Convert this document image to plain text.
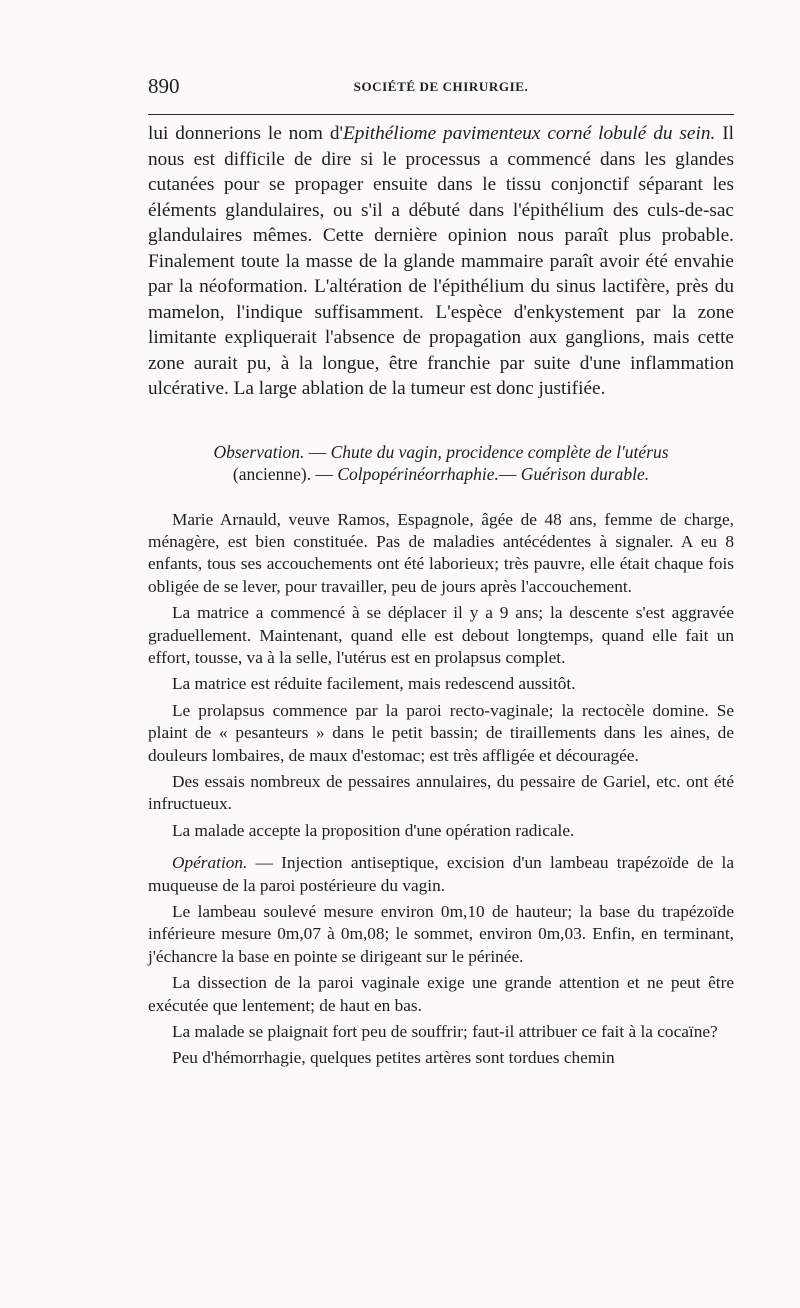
890	SOCIÉTÉ DE CHIRURGIE.

lui donnerions le nom d'Epithéliome pavimenteux corné lobulé du sein. Il nous est difficile de dire si le processus a commencé dans les glandes cutanées pour se propager ensuite dans le tissu conjonctif séparant les éléments glandulaires, ou s'il a débuté dans l'épithélium des culs-de-sac glandulaires mêmes. Cette dernière opinion nous paraît plus probable. Finalement toute la masse de la glande mammaire paraît avoir été envahie par la néoformation. L'altération de l'épithélium du sinus lactifère, près du mamelon, l'indique suffisamment. L'espèce d'enkystement par la zone limitante expliquerait l'absence de propagation aux ganglions, mais cette zone aurait pu, à la longue, être franchie par suite d'une inflammation ulcérative. La large ablation de la tumeur est donc justifiée.

Observation. — Chute du vagin, procidence complète de l'utérus
(ancienne). — Colpopérinéorrhaphie.— Guérison durable.

Marie Arnauld, veuve Ramos, Espagnole, âgée de 48 ans, femme de charge, ménagère, est bien constituée. Pas de maladies antécédentes à signaler. A eu 8 enfants, tous ses accouchements ont été laborieux; très pauvre, elle était chaque fois obligée de se lever, pour travailler, peu de jours après l'accouchement.

La matrice a commencé à se déplacer il y a 9 ans; la descente s'est aggravée graduellement. Maintenant, quand elle est debout longtemps, quand elle fait un effort, tousse, va à la selle, l'utérus est en prolapsus complet.

La matrice est réduite facilement, mais redescend aussitôt.

Le prolapsus commence par la paroi recto-vaginale; la rectocèle domine. Se plaint de « pesanteurs » dans le petit bassin; de tiraillements dans les aines, de douleurs lombaires, de maux d'estomac; est très affligée et découragée.

Des essais nombreux de pessaires annulaires, du pessaire de Gariel, etc. ont été infructueux.

La malade accepte la proposition d'une opération radicale.

Opération. — Injection antiseptique, excision d'un lambeau trapézoïde de la muqueuse de la paroi postérieure du vagin.

Le lambeau soulevé mesure environ 0m,10 de hauteur; la base du trapézoïde inférieure mesure 0m,07 à 0m,08; le sommet, environ 0m,03. Enfin, en terminant, j'échancre la base en pointe se dirigeant sur le périnée.

La dissection de la paroi vaginale exige une grande attention et ne peut être exécutée que lentement; de haut en bas.

La malade se plaignait fort peu de souffrir; faut-il attribuer ce fait à la cocaïne?

Peu d'hémorrhagie, quelques petites artères sont tordues chemin
